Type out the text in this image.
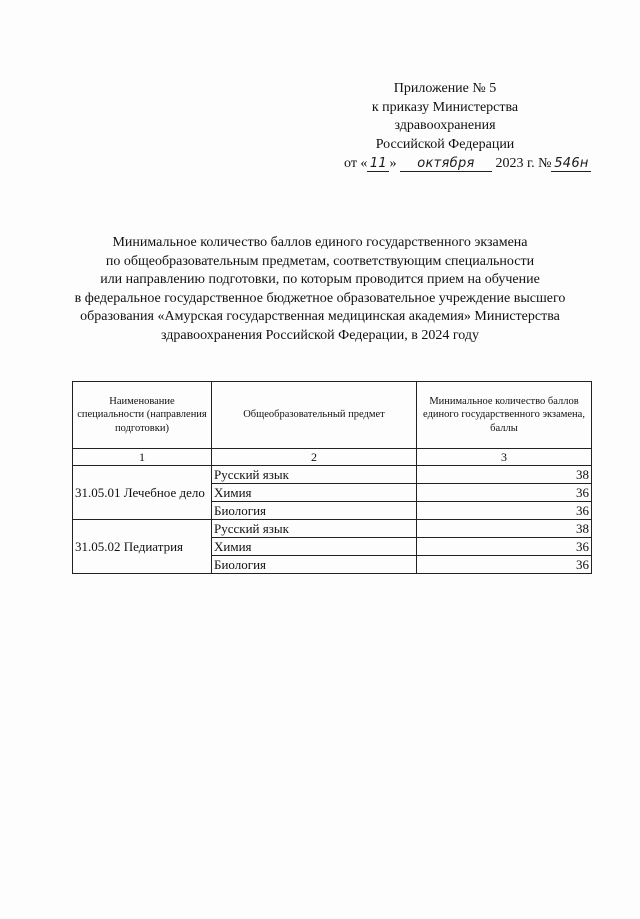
Приложение № 5
к приказу Министерства
здравоохранения
Российской Федерации
от « 11 » октября 2023 г. № 546н
Минимальное количество баллов единого государственного экзамена
по общеобразовательным предметам, соответствующим специальности
или направлению подготовки, по которым проводится прием на обучение
в федеральное государственное бюджетное образовательное учреждение высшего
образования «Амурская государственная медицинская академия» Министерства
здравоохранения Российской Федерации, в 2024 году
Наименование специальности (направления подготовки)	Общеобразовательный предмет	Минимальное количество баллов единого государственного экзамена, баллы
1	2	3
31.05.01 Лечебное дело	Русский язык	38
	Химия	36
	Биология	36
31.05.02 Педиатрия	Русский язык	38
	Химия	36
	Биология	36
